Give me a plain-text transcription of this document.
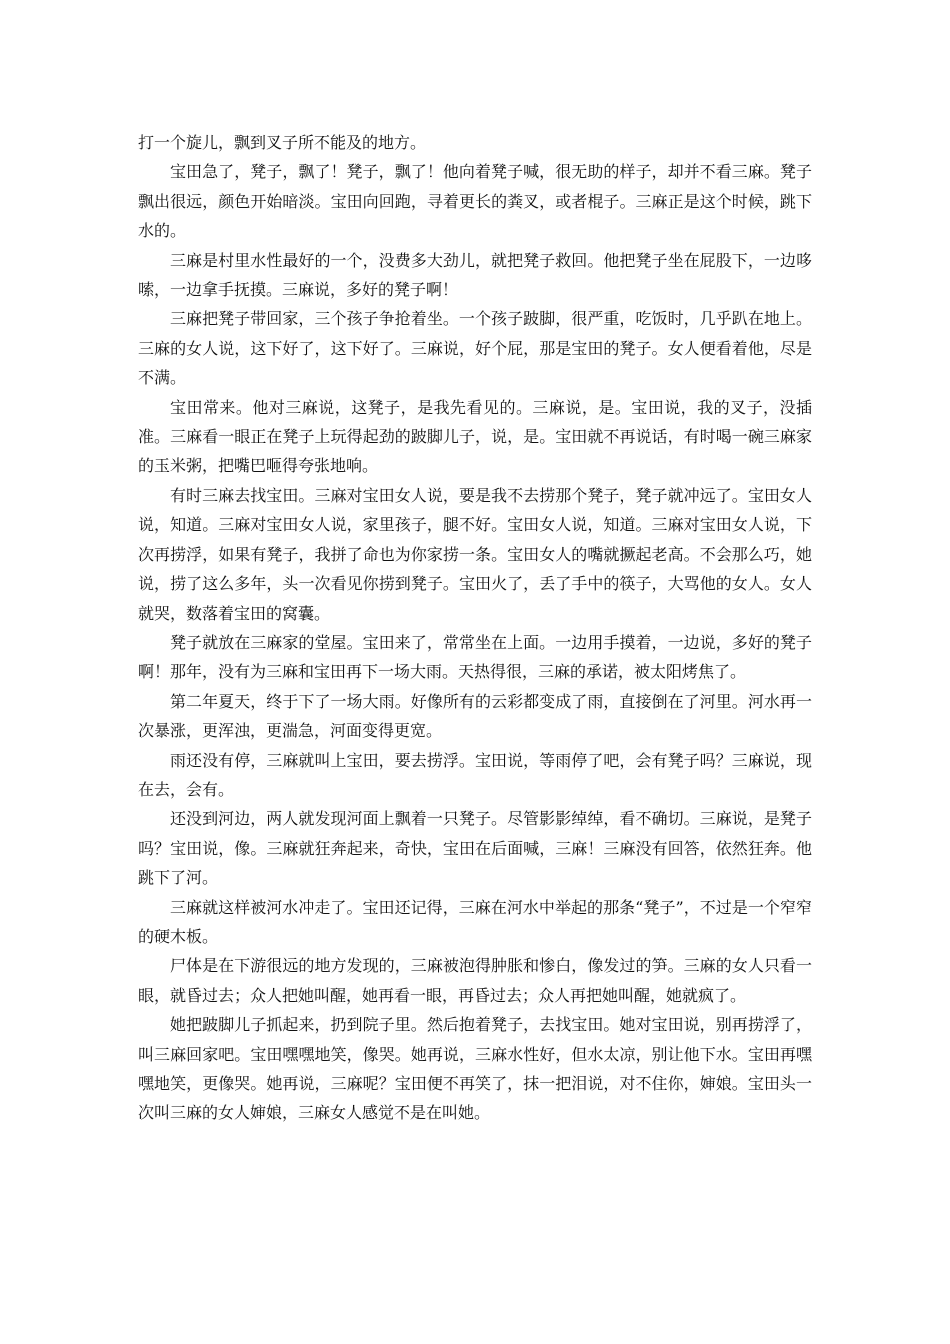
打一个旋儿，飘到叉子所不能及的地方。

宝田急了，凳子，飘了！凳子，飘了！他向着凳子喊，很无助的样子，却并不看三麻。凳子飘出很远，颜色开始暗淡。宝田向回跑，寻着更长的粪叉，或者棍子。三麻正是这个时候，跳下水的。

三麻是村里水性最好的一个，没费多大劲儿，就把凳子救回。他把凳子坐在屁股下，一边哆嗦，一边拿手抚摸。三麻说，多好的凳子啊！

三麻把凳子带回家，三个孩子争抢着坐。一个孩子跛脚，很严重，吃饭时，几乎趴在地上。三麻的女人说，这下好了，这下好了。三麻说，好个屁，那是宝田的凳子。女人便看着他，尽是不满。

宝田常来。他对三麻说，这凳子，是我先看见的。三麻说，是。宝田说，我的叉子，没插准。三麻看一眼正在凳子上玩得起劲的跛脚儿子，说，是。宝田就不再说话，有时喝一碗三麻家的玉米粥，把嘴巴咂得夸张地响。

有时三麻去找宝田。三麻对宝田女人说，要是我不去捞那个凳子，凳子就冲远了。宝田女人说，知道。三麻对宝田女人说，家里孩子，腿不好。宝田女人说，知道。三麻对宝田女人说，下次再捞浮，如果有凳子，我拼了命也为你家捞一条。宝田女人的嘴就撅起老高。不会那么巧，她说，捞了这么多年，头一次看见你捞到凳子。宝田火了，丢了手中的筷子，大骂他的女人。女人就哭，数落着宝田的窝囊。

凳子就放在三麻家的堂屋。宝田来了，常常坐在上面。一边用手摸着，一边说，多好的凳子啊！那年，没有为三麻和宝田再下一场大雨。天热得很，三麻的承诺，被太阳烤焦了。

第二年夏天，终于下了一场大雨。好像所有的云彩都变成了雨，直接倒在了河里。河水再一次暴涨，更浑浊，更湍急，河面变得更宽。

雨还没有停，三麻就叫上宝田，要去捞浮。宝田说，等雨停了吧，会有凳子吗？三麻说，现在去，会有。

还没到河边，两人就发现河面上飘着一只凳子。尽管影影绰绰，看不确切。三麻说，是凳子吗？宝田说，像。三麻就狂奔起来，奇快，宝田在后面喊，三麻！三麻没有回答，依然狂奔。他跳下了河。

三麻就这样被河水冲走了。宝田还记得，三麻在河水中举起的那条“凳子”，不过是一个窄窄的硬木板。

尸体是在下游很远的地方发现的，三麻被泡得肿胀和惨白，像发过的笋。三麻的女人只看一眼，就昏过去；众人把她叫醒，她再看一眼，再昏过去；众人再把她叫醒，她就疯了。

她把跛脚儿子抓起来，扔到院子里。然后抱着凳子，去找宝田。她对宝田说，别再捞浮了，叫三麻回家吧。宝田嘿嘿地笑，像哭。她再说，三麻水性好，但水太凉，别让他下水。宝田再嘿嘿地笑，更像哭。她再说，三麻呢？宝田便不再笑了，抹一把泪说，对不住你，婶娘。宝田头一次叫三麻的女人婶娘，三麻女人感觉不是在叫她。
